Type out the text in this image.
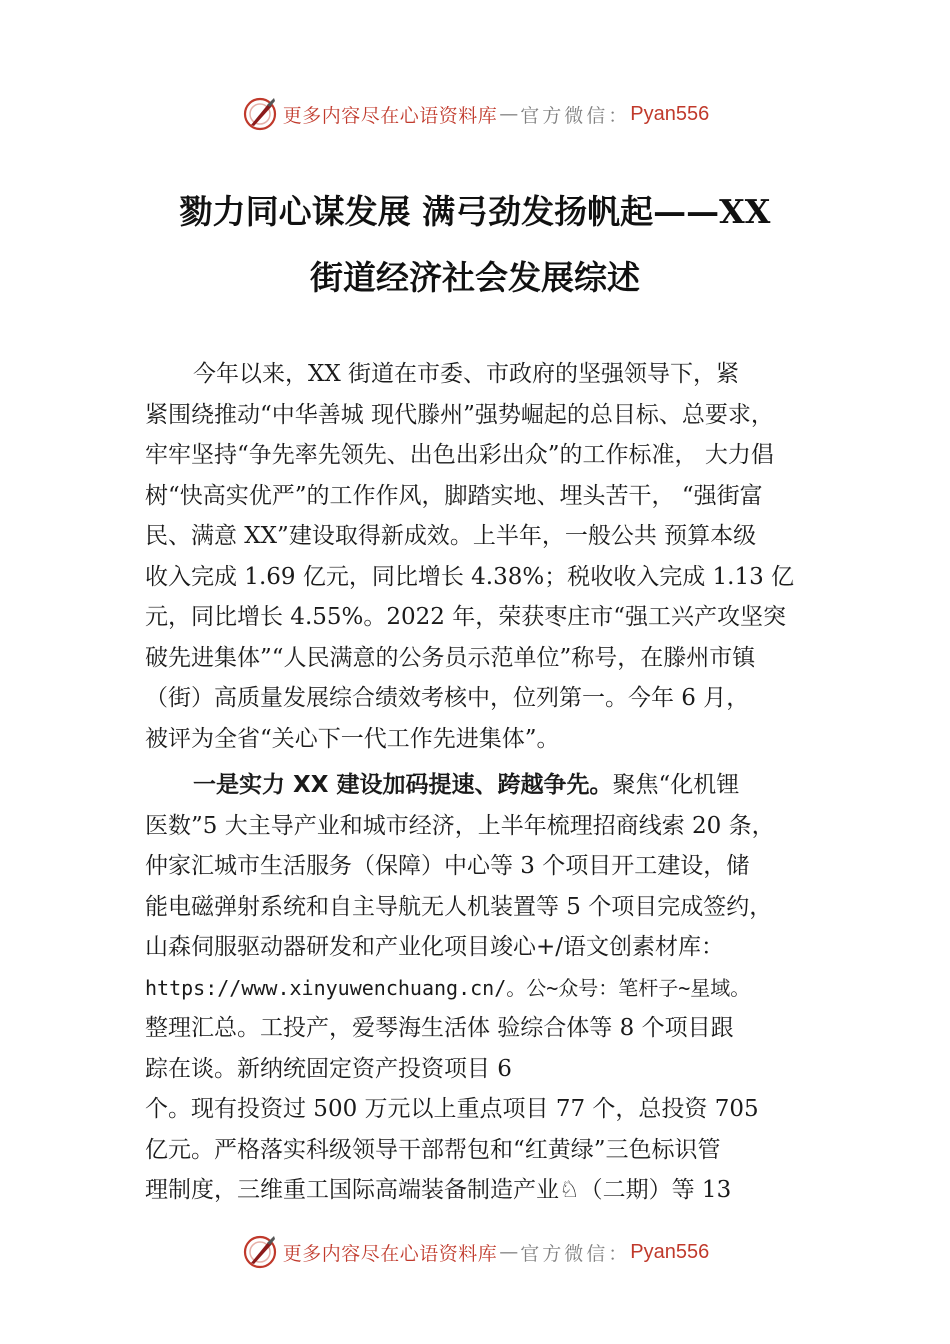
更多内容尽在心语资料库 — 官方微信： Pyan556
勠力同心谋发展 满弓劲发扬帆起——XX
街道经济社会发展综述
今年以来，XX 街道在市委、市政府的坚强领导下，紧
紧围绕推动“中华善城 现代滕州”强势崛起的总目标、总要求，
牢牢坚持“争先率先领先、出色出彩出众”的工作标准， 大力倡
树“快高实优严”的工作作风，脚踏实地、埋头苦干， “强街富
民、满意 XX”建设取得新成效。上半年，一般公共 预算本级
收入完成 1.69 亿元，同比增长 4.38%；税收收入完成 1.13 亿
元，同比增长 4.55%。2022 年，荣获枣庄市“强工兴产攻坚突
破先进集体”“人民满意的公务员示范单位”称号，在滕州市镇
（街）高质量发展综合绩效考核中，位列第一。今年 6 月，
被评为全省“关心下一代工作先进集体”。
一是实力 XX 建设加码提速、跨越争先。聚焦“化机锂
医数”5 大主导产业和城市经济，上半年梳理招商线索 20 条，
仲家汇城市生活服务（保障）中心等 3 个项目开工建设，储
能电磁弹射系统和自主导航无人机装置等 5 个项目完成签约，
山森伺服驱动器研发和产业化项目竣心+/语文创素材库：
https://www.xinyuwenchuang.cn/。公~众号：笔杆子~星域。
整理汇总。工投产，爱琴海生活体 验综合体等 8 个项目跟
踪在谈。新纳统固定资产投资项目 6
个。现有投资过 500 万元以上重点项目 77 个，总投资 705
亿元。严格落实科级领导干部帮包和“红黄绿”三色标识管
理制度，三维重工国际高端装备制造产业♘（二期）等 13
更多内容尽在心语资料库 — 官方微信： Pyan556
